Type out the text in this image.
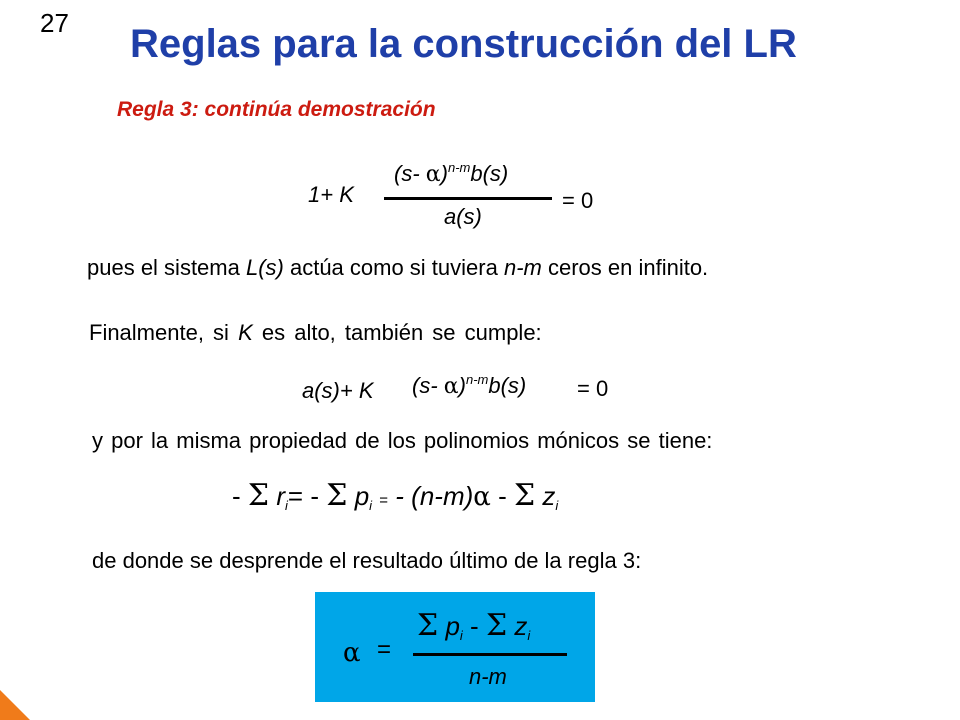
27 Reglas para la construcción del LR
Regla 3: continúa demostración
1+ K
(s- α)$^{n-m}$b(s)
a(s)
= 0
pues el sistema L(s) actúa como si tuviera n-m ceros en infinito.
Finalmente, si K es alto, también se cumple:
a(s)+ K (s- α)$^{n-m}$b(s) = 0
y por la misma propiedad de los polinomios mónicos se tiene:
- Σ $r_i= - \Sigma$ $p_i$ = - (n-m)α - Σ $z_i$
de donde se desprende el resultado último de la regla 3:
α =
Σ $p_i$ - Σ $z_i$
n-m
